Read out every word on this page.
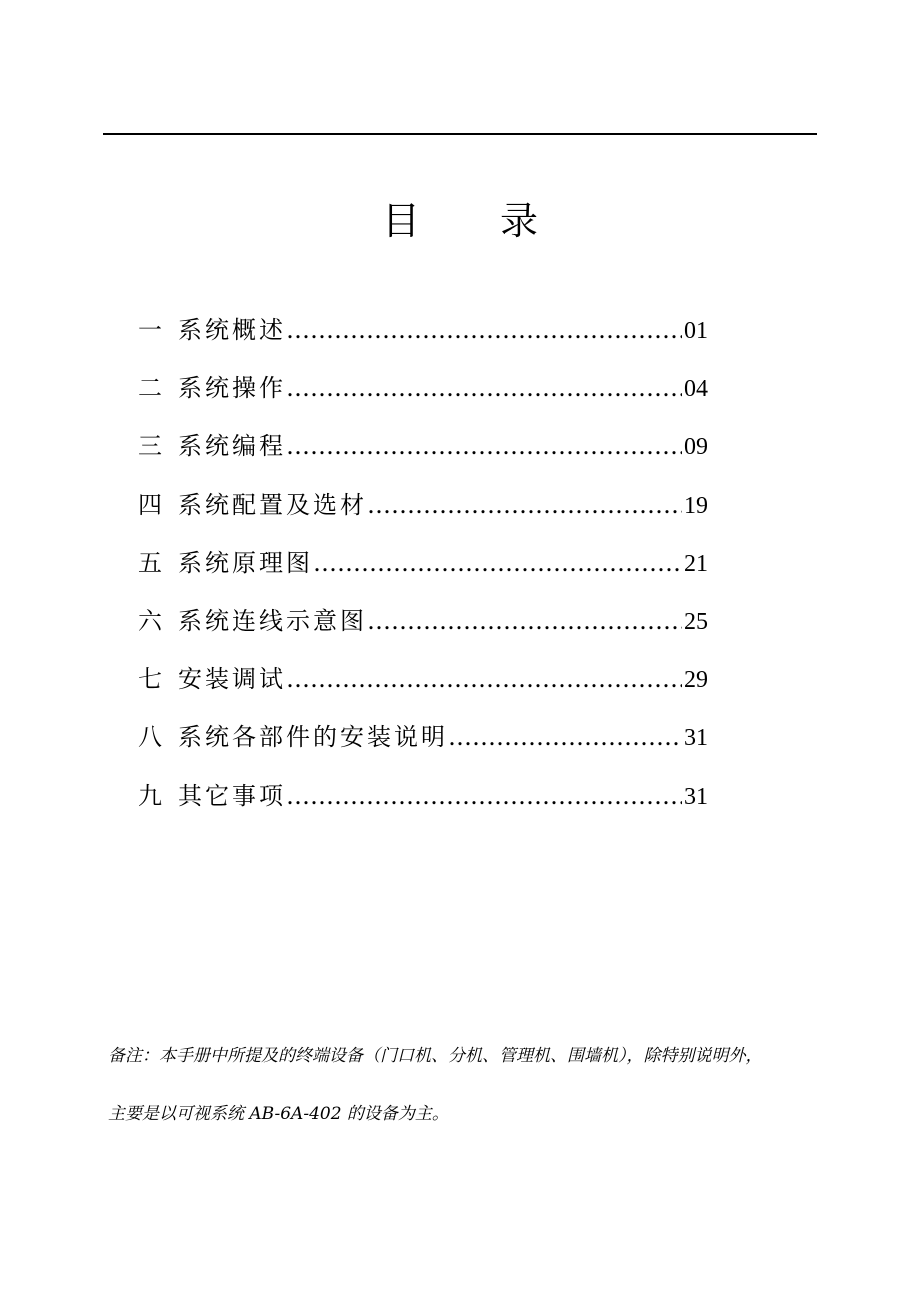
目 录
一 系统概述 …………………………………………………………………………………………………………	01
二 系统操作 …………………………………………………………………………………………………………	04
三 系统编程 …………………………………………………………………………………………………………	09
四 系统配置及选材 …………………………………………………………………………………………………………	19
五 系统原理图 …………………………………………………………………………………………………………	21
六 系统连线示意图 …………………………………………………………………………………………………………	25
七 安装调试 …………………………………………………………………………………………………………	29
八 系统各部件的安装说明 …………………………………………………………………………………………………………	31
九 其它事项 …………………………………………………………………………………………………………	31
备注：本手册中所提及的终端设备（门口机、分机、管理机、围墙机），除特别说明外，
主要是以可视系统 AB-6A-402 的设备为主。
